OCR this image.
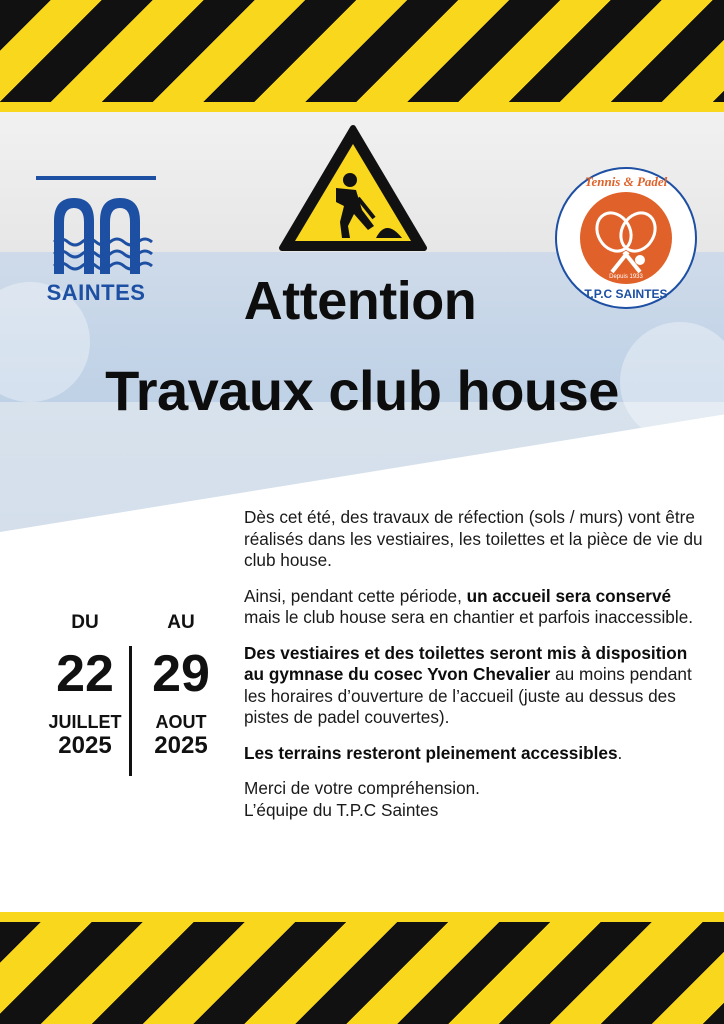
SAINTES
Tennis & Padel
T.P.C SAINTES
Depuis 1933
Attention
Travaux club house
DU
22
JUILLET
2025
AU
29
AOUT
2025

Dès cet été, des travaux de réfection (sols / murs) vont être réalisés dans les vestiaires, les toilettes et la pièce de vie du club house.

Ainsi, pendant cette période, un accueil sera conservé mais le club house sera en chantier et parfois inaccessible.

Des vestiaires et des toilettes seront mis à disposition au gymnase du cosec Yvon Chevalier au moins pendant les horaires d’ouverture de l’accueil (juste au dessus des pistes de padel couvertes).

Les terrains resteront pleinement accessibles.

Merci de votre compréhension.
L’équipe du T.P.C Saintes
